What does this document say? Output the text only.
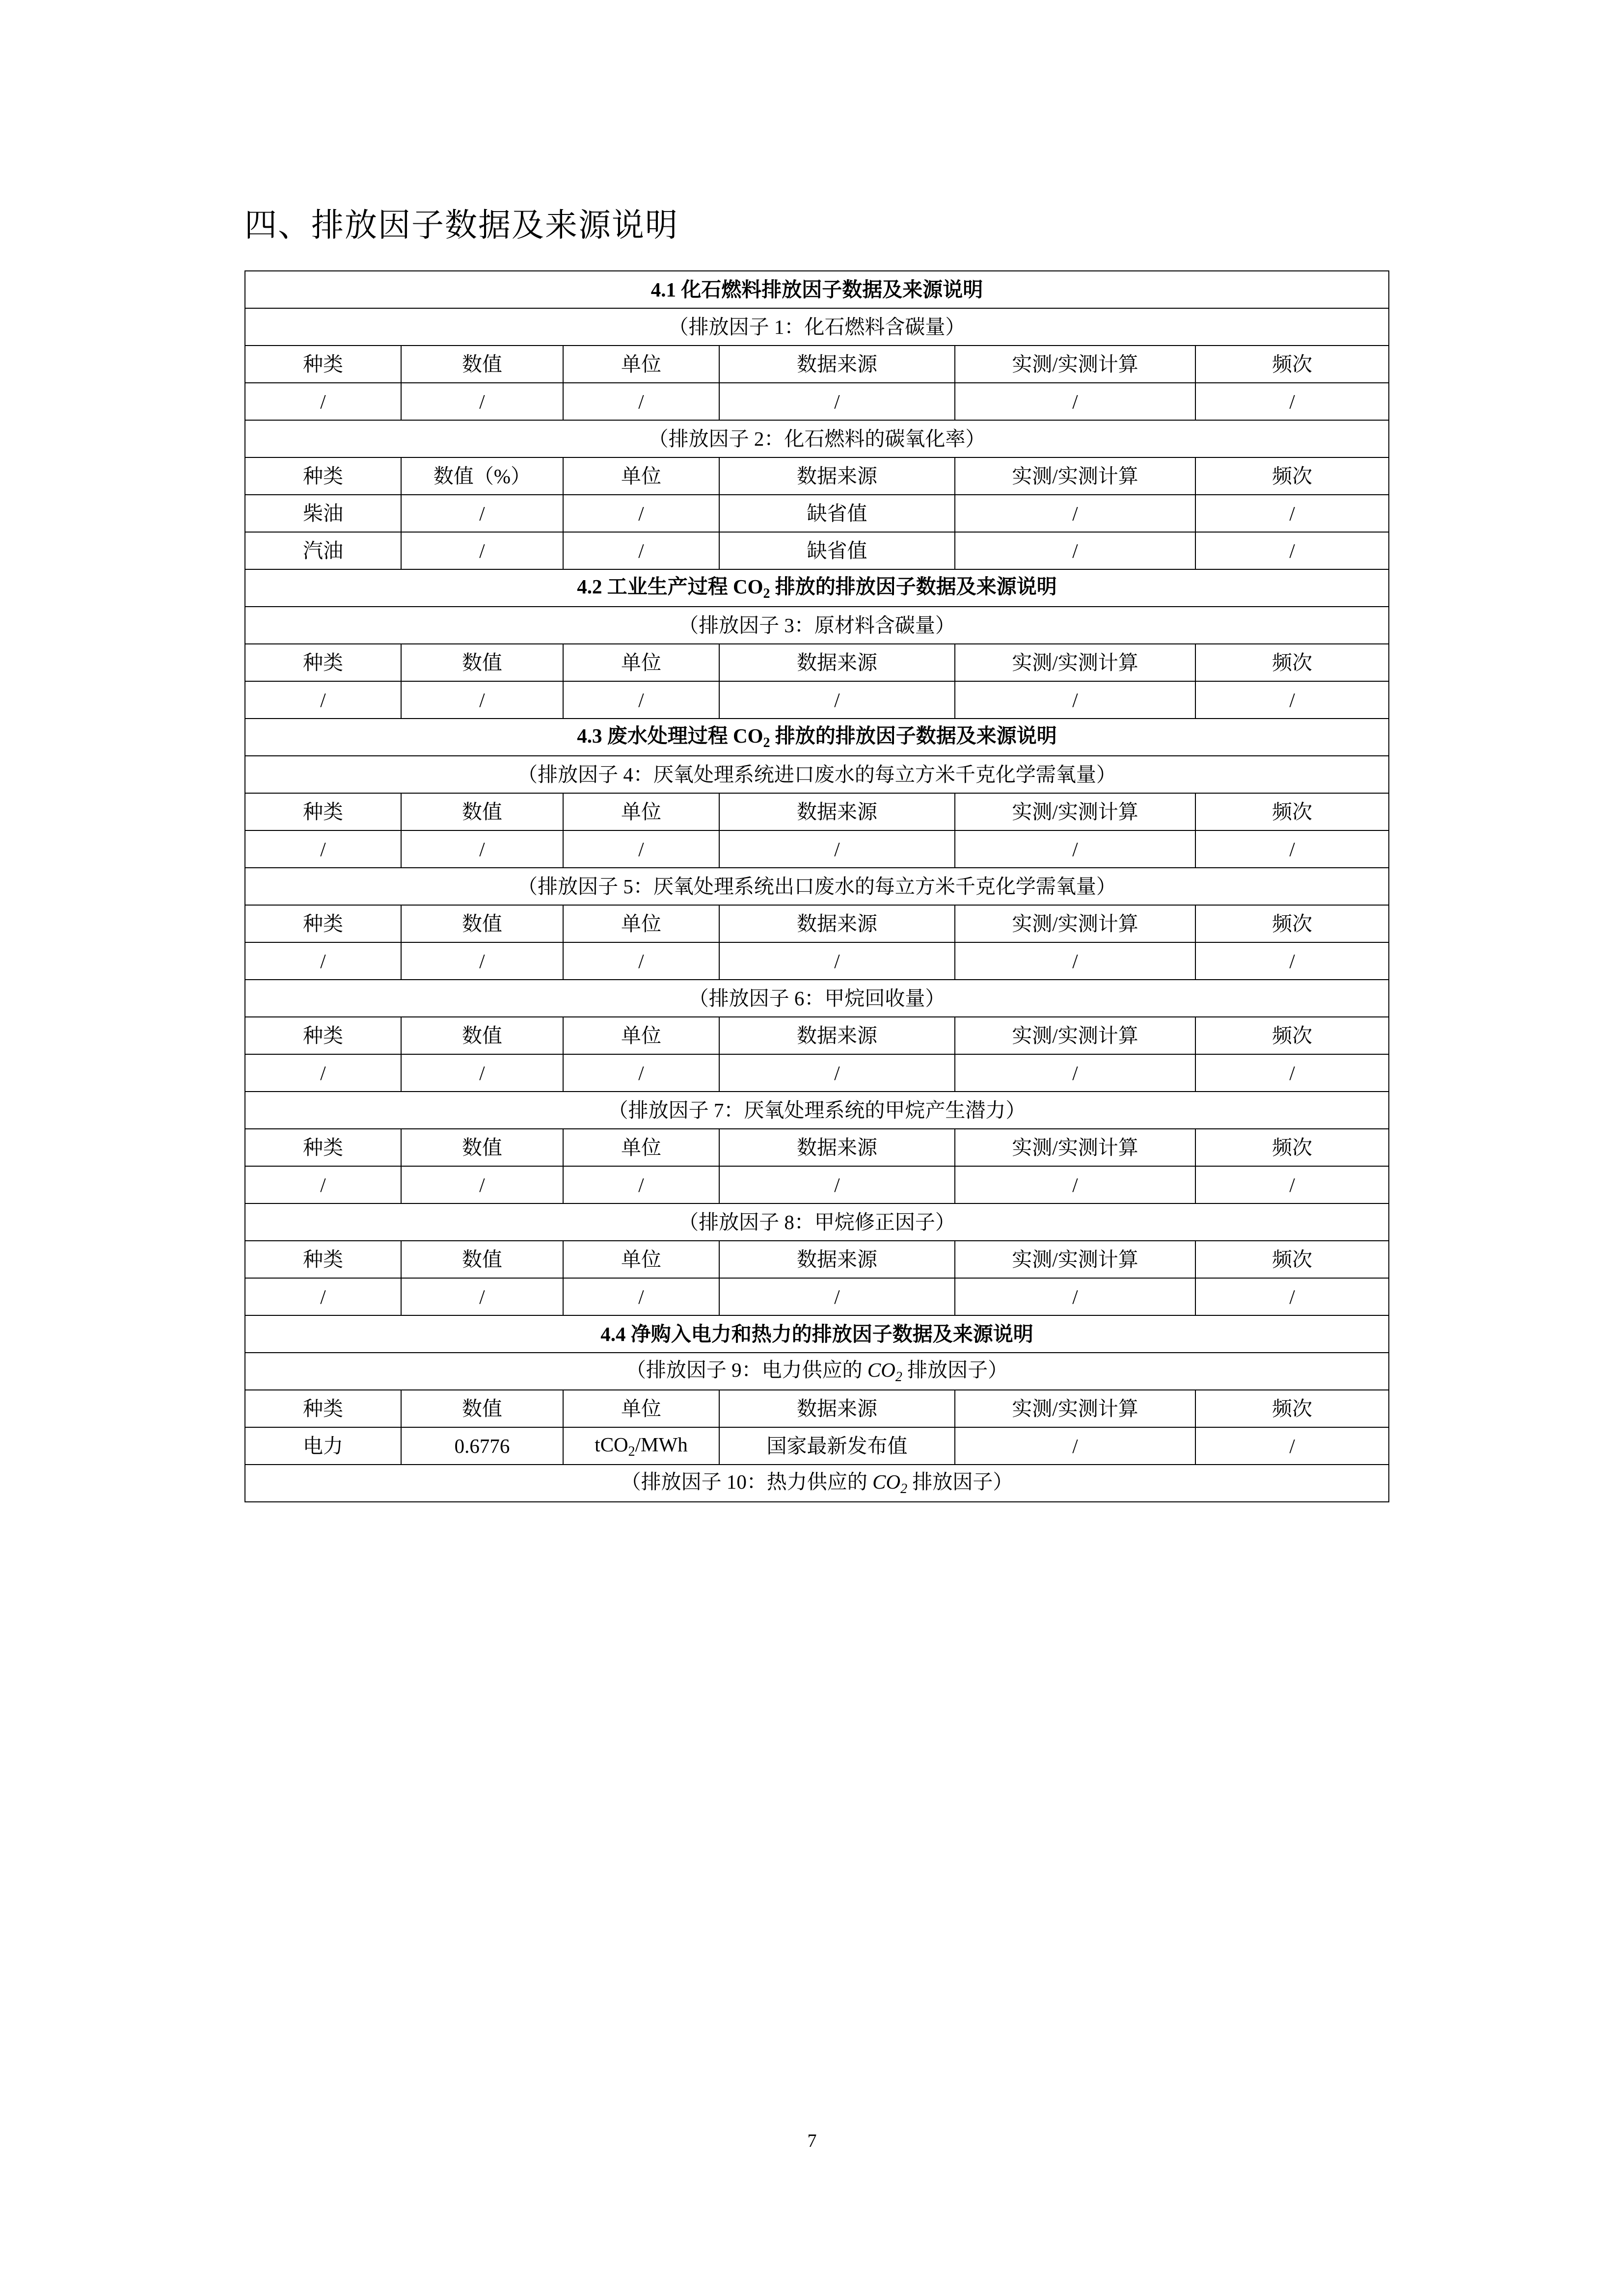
四、排放因子数据及来源说明
4.1 化石燃料排放因子数据及来源说明					
（排放因子 1：化石燃料含碳量）					
种类	数值	单位	数据来源	实测/实测计算	频次
/	/	/	/	/	/
（排放因子 2：化石燃料的碳氧化率）					
种类	数值（%）	单位	数据来源	实测/实测计算	频次
柴油	/	/	缺省值	/	/
汽油	/	/	缺省值	/	/
4.2 工业生产过程 $CO_2$ 排放的排放因子数据及来源说明					
（排放因子 3：原材料含碳量）					
种类	数值	单位	数据来源	实测/实测计算	频次
/	/	/	/	/	/
4.3 废水处理过程 $CO_2$ 排放的排放因子数据及来源说明					
（排放因子 4：厌氧处理系统进口废水的每立方米千克化学需氧量）					
种类	数值	单位	数据来源	实测/实测计算	频次
/	/	/	/	/	/
（排放因子 5：厌氧处理系统出口废水的每立方米千克化学需氧量）					
种类	数值	单位	数据来源	实测/实测计算	频次
/	/	/	/	/	/
（排放因子 6：甲烷回收量）					
种类	数值	单位	数据来源	实测/实测计算	频次
/	/	/	/	/	/
（排放因子 7：厌氧处理系统的甲烷产生潜力）					
种类	数值	单位	数据来源	实测/实测计算	频次
/	/	/	/	/	/
（排放因子 8：甲烷修正因子）					
种类	数值	单位	数据来源	实测/实测计算	频次
/	/	/	/	/	/
4.4 净购入电力和热力的排放因子数据及来源说明					
（排放因子 9：电力供应的 $CO_2$ 排放因子）					
种类	数值	单位	数据来源	实测/实测计算	频次
电力	0.6776	tCO$_2$/MWh	国家最新发布值	/	/
（排放因子 10：热力供应的 $CO_2$ 排放因子）					
7
